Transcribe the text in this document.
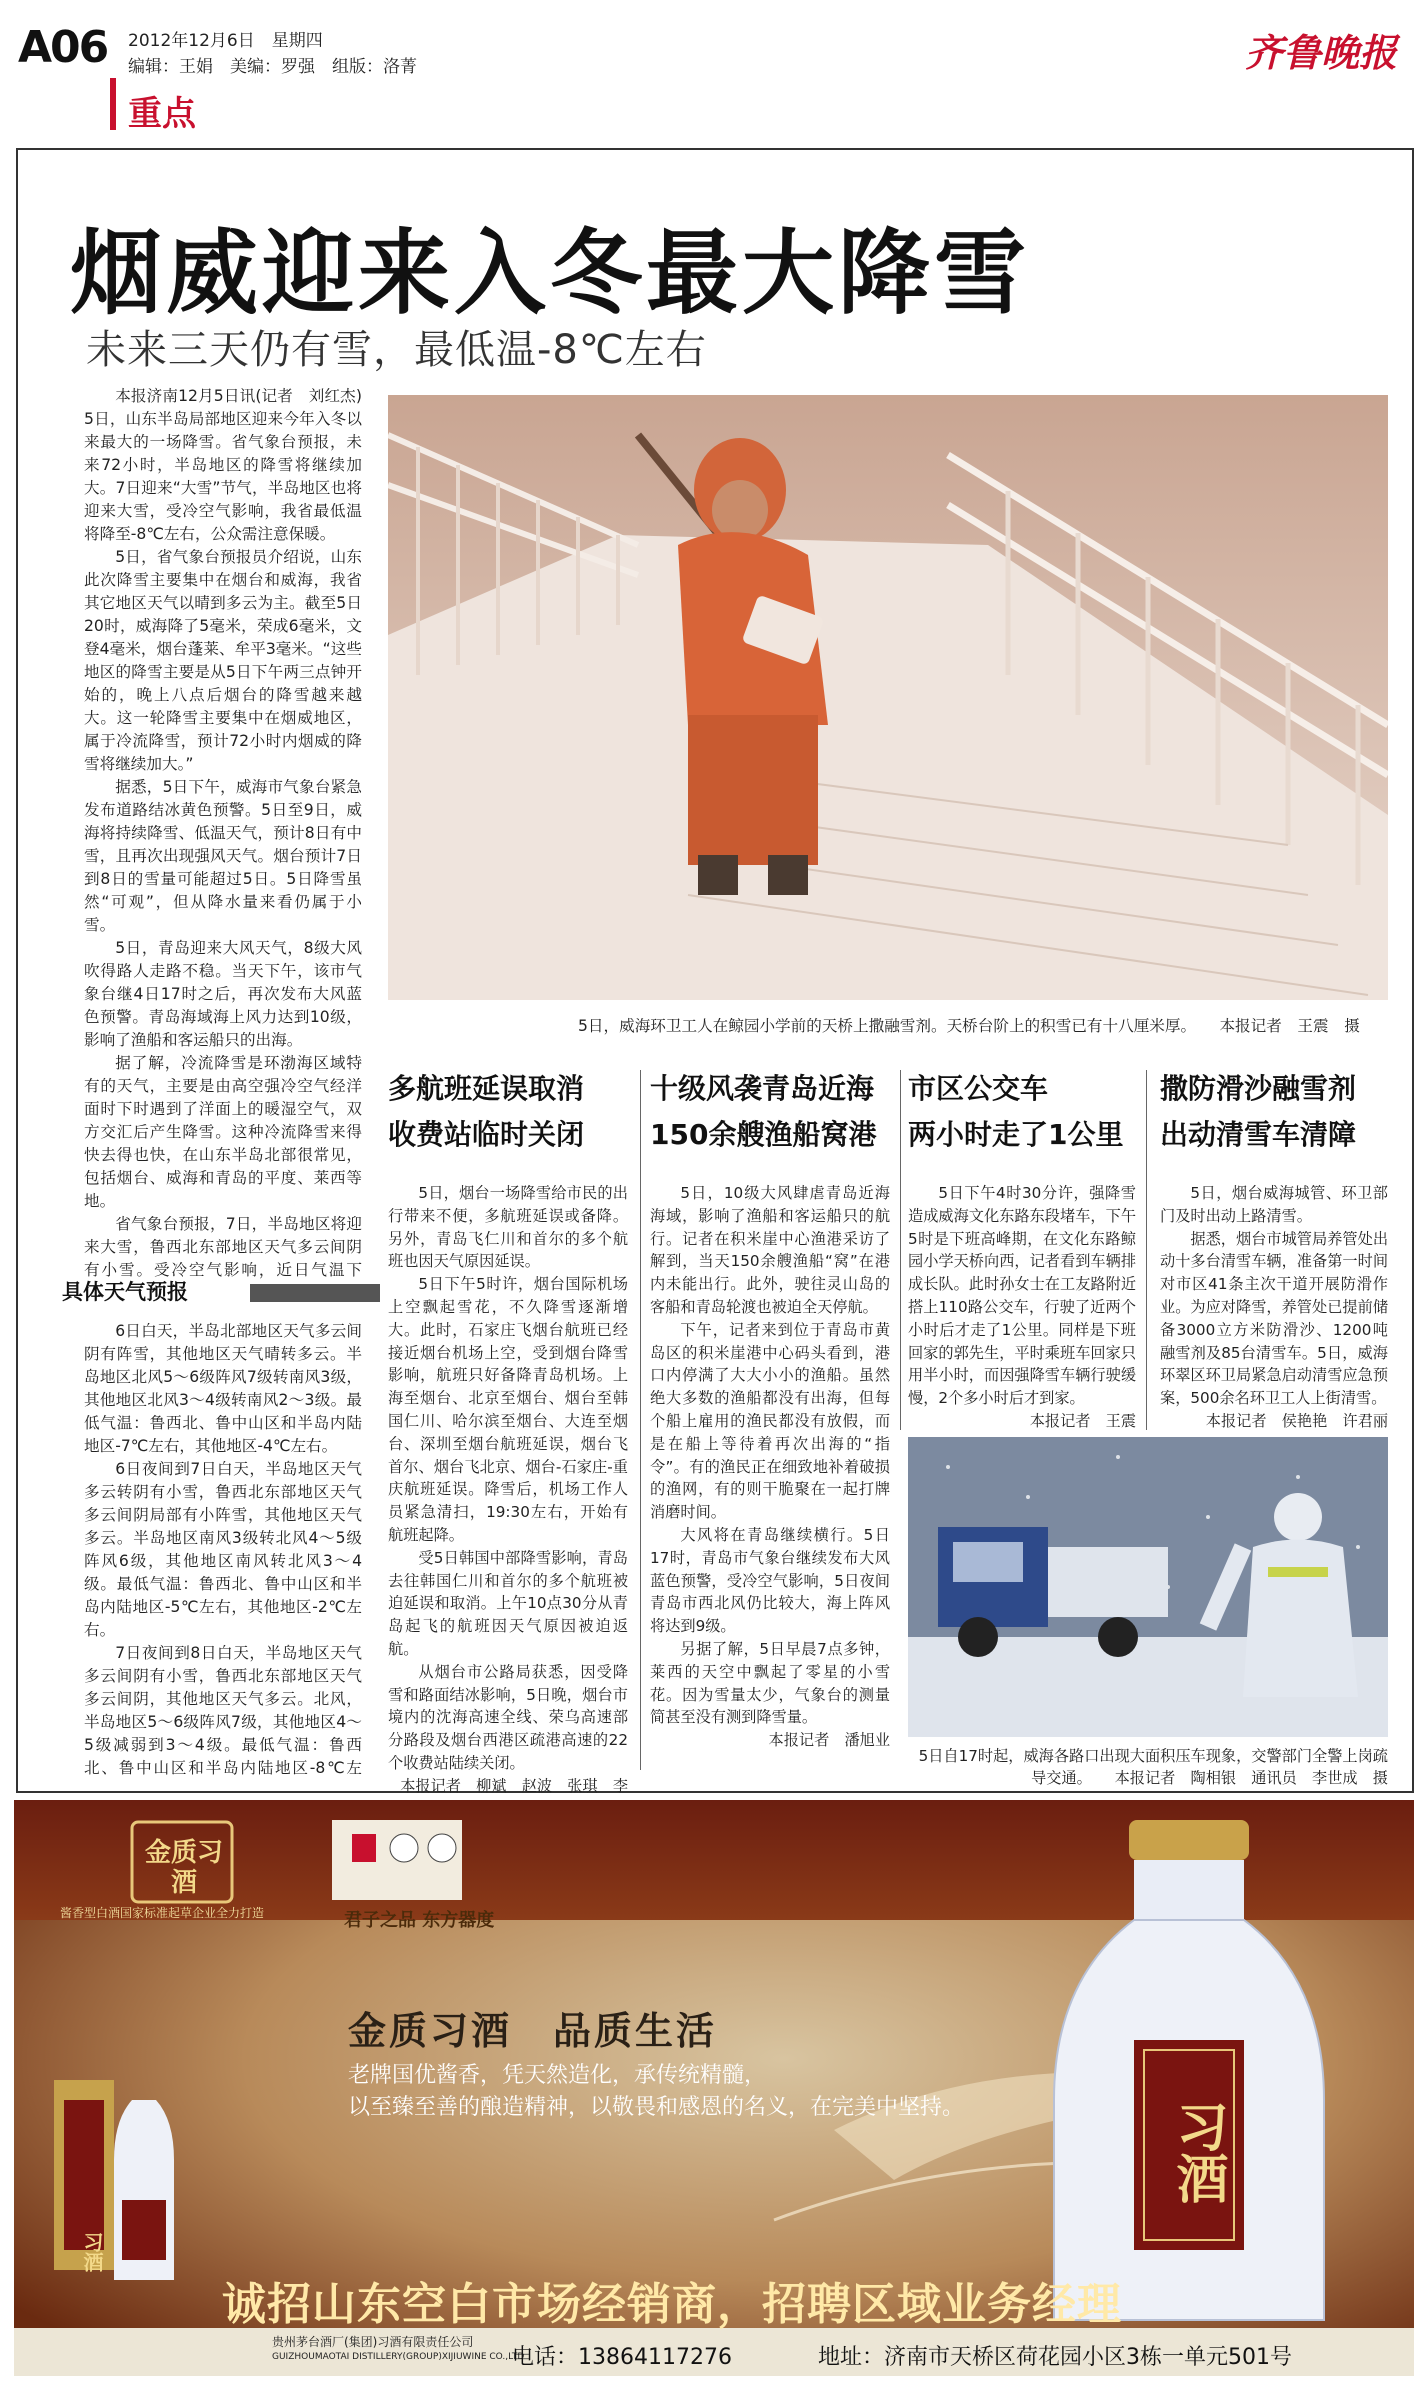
A06 2012年12月6日　星期四
编辑：王娟　美编：罗强　组版：洛菁
重点
齐鲁晚报
烟威迎来入冬最大降雪
未来三天仍有雪，最低温-8℃左右

本报济南12月5日讯(记者　刘红杰)　5日，山东半岛局部地区迎来今年入冬以来最大的一场降雪。省气象台预报，未来72小时，半岛地区的降雪将继续加大。7日迎来“大雪”节气，半岛地区也将迎来大雪，受冷空气影响，我省最低温将降至-8℃左右，公众需注意保暖。

5日，省气象台预报员介绍说，山东此次降雪主要集中在烟台和威海，我省其它地区天气以晴到多云为主。截至5日20时，威海降了5毫米，荣成6毫米，文登4毫米，烟台蓬莱、牟平3毫米。“这些地区的降雪主要是从5日下午两三点钟开始的，晚上八点后烟台的降雪越来越大。这一轮降雪主要集中在烟威地区，属于冷流降雪，预计72小时内烟威的降雪将继续加大。”

据悉，5日下午，威海市气象台紧急发布道路结冰黄色预警。5日至9日，威海将持续降雪、低温天气，预计8日有中雪，且再次出现强风天气。烟台预计7日到8日的雪量可能超过5日。5日降雪虽然“可观”，但从降水量来看仍属于小雪。

5日，青岛迎来大风天气，8级大风吹得路人走路不稳。当天下午，该市气象台继4日17时之后，再次发布大风蓝色预警。青岛海域海上风力达到10级，影响了渔船和客运船只的出海。

据了解，冷流降雪是环渤海区域特有的天气，主要是由高空强冷空气经洋面时下时遇到了洋面上的暖湿空气，双方交汇后产生降雪。这种冷流降雪来得快去得也快，在山东半岛北部很常见，包括烟台、威海和青岛的平度、莱西等地。

省气象台预报，7日，半岛地区将迎来大雪，鲁西北东部地区天气多云间阴有小雪。受冷空气影响，近日气温下

具体天气预报

6日白天，半岛北部地区天气多云间阴有阵雪，其他地区天气晴转多云。半岛地区北风5～6级阵风7级转南风3级，其他地区北风3～4级转南风2～3级。最低气温：鲁西北、鲁中山区和半岛内陆地区-7℃左右，其他地区-4℃左右。

6日夜间到7日白天，半岛地区天气多云转阴有小雪，鲁西北东部地区天气多云间阴局部有小阵雪，其他地区天气多云。半岛地区南风3级转北风4～5级阵风6级，其他地区南风转北风3～4级。最低气温：鲁西北、鲁中山区和半岛内陆地区-5℃左右，其他地区-2℃左右。

7日夜间到8日白天，半岛地区天气多云间阴有小雪，鲁西北东部地区天气多云间阴，其他地区天气多云。北风，半岛地区5～6级阵风7级，其他地区4～5级减弱到3～4级。最低气温：鲁西北、鲁中山区和半岛内陆地区-8℃左

5日，威海环卫工人在鲸园小学前的天桥上撒融雪剂。天桥台阶上的积雪已有十八厘米厚。　　本报记者　王震　摄
多航班延误取消
收费站临时关闭

5日，烟台一场降雪给市民的出行带来不便，多航班延误或备降。另外，青岛飞仁川和首尔的多个航班也因天气原因延误。

5日下午5时许，烟台国际机场上空飘起雪花，不久降雪逐渐增大。此时，石家庄飞烟台航班已经接近烟台机场上空，受到烟台降雪影响，航班只好备降青岛机场。上海至烟台、北京至烟台、烟台至韩国仁川、哈尔滨至烟台、大连至烟台、深圳至烟台航班延误，烟台飞首尔、烟台飞北京、烟台-石家庄-重庆航班延误。降雪后，机场工作人员紧急清扫，19:30左右，开始有航班起降。

受5日韩国中部降雪影响，青岛去往韩国仁川和首尔的多个航班被迫延误和取消。上午10点30分从青岛起飞的航班因天气原因被迫返航。

从烟台市公路局获悉，因受降雪和路面结冰影响，5日晚，烟台市境内的沈海高速全线、荣乌高速部分路段及烟台西港区疏港高速的22个收费站陆续关闭。

本报记者　柳斌　赵波　张琪　李

十级风袭青岛近海
150余艘渔船窝港

5日，10级大风肆虐青岛近海海域，影响了渔船和客运船只的航行。记者在积米崖中心渔港采访了解到，当天150余艘渔船“窝”在港内未能出行。此外，驶往灵山岛的客船和青岛轮渡也被迫全天停航。

下午，记者来到位于青岛市黄岛区的积米崖港中心码头看到，港口内停满了大大小小的渔船。虽然绝大多数的渔船都没有出海，但每个船上雇用的渔民都没有放假，而是在船上等待着再次出海的“指令”。有的渔民正在细致地补着破损的渔网，有的则干脆聚在一起打牌消磨时间。

大风将在青岛继续横行。5日17时，青岛市气象台继续发布大风蓝色预警，受冷空气影响，5日夜间青岛市西北风仍比较大，海上阵风将达到9级。

另据了解，5日早晨7点多钟，莱西的天空中飘起了零星的小雪花。因为雪量太少，气象台的测量简甚至没有测到降雪量。

本报记者　潘旭业

市区公交车
两小时走了1公里

5日下午4时30分许，强降雪造成威海文化东路东段堵车，下午5时是下班高峰期，在文化东路鲸园小学天桥向西，记者看到车辆排成长队。此时孙女士在工友路附近搭上110路公交车，行驶了近两个小时后才走了1公里。同样是下班回家的郭先生，平时乘班车回家只用半小时，而因强降雪车辆行驶缓慢，2个多小时后才到家。

本报记者　王震

撒防滑沙融雪剂
出动清雪车清障

5日，烟台威海城管、环卫部门及时出动上路清雪。

据悉，烟台市城管局养管处出动十多台清雪车辆，准备第一时间对市区41条主次干道开展防滑作业。为应对降雪，养管处已提前储备3000立方米防滑沙、1200吨融雪剂及85台清雪车。5日，威海环翠区环卫局紧急启动清雪应急预案，500余名环卫工人上街清雪。

本报记者　侯艳艳　许君丽

5日自17时起，威海各路口出现大面积压车现象，交警部门全警上岗疏导交通。　　本报记者　陶相银　通讯员　李世成　摄
金质习酒
习酒
习酒
酱香型白酒国家标准起草企业全力打造	君子之品 东方器度
金质习酒　品质生活
老牌国优酱香，凭天然造化，承传统精髓，
以至臻至善的酿造精神，以敬畏和感恩的名义，在完美中坚持。
诚招山东空白市场经销商，招聘区域业务经理
贵州茅台酒厂(集团)习酒有限责任公司
GUIZHOUMAOTAI DISTILLERY(GROUP)XIJIUWINE CO.,LTD
电话：13864117276	地址：济南市天桥区荷花园小区3栋一单元501号
